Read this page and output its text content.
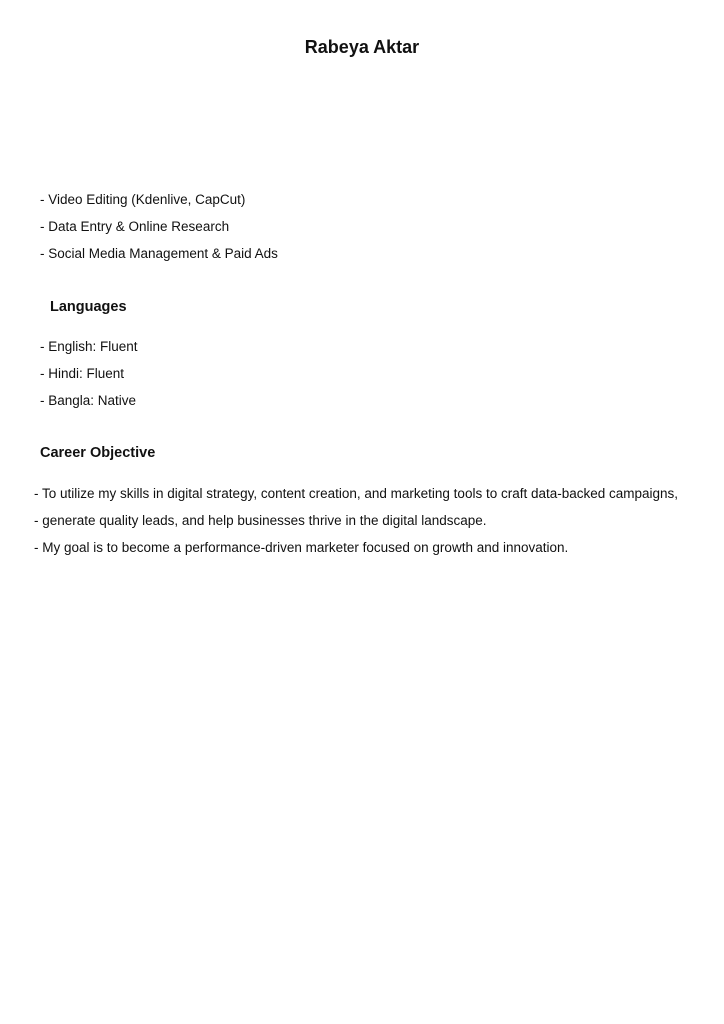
Rabeya Aktar
- Video Editing (Kdenlive, CapCut)
- Data Entry & Online Research
- Social Media Management & Paid Ads
Languages
- English: Fluent
- Hindi: Fluent
- Bangla: Native
Career Objective

- To utilize my skills in digital strategy, content creation, and marketing tools to craft data-backed campaigns,

- generate quality leads, and help businesses thrive in the digital landscape.

- My goal is to become a performance-driven marketer focused on growth and innovation.
